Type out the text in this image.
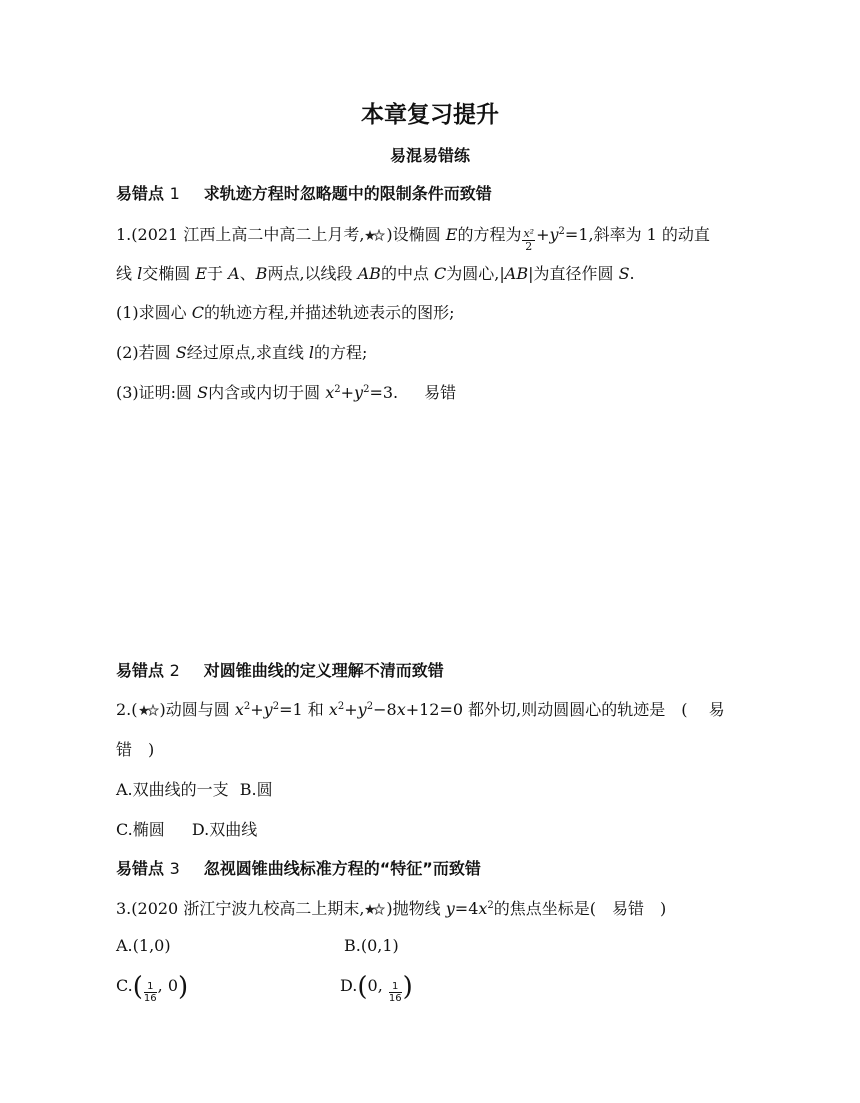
本章复习提升
易混易错练
易错点 1 求轨迹方程时忽略题中的限制条件而致错
1.(2021 江西上高二中高二上月考, )设椭圆 E的方程为 $\frac{\text{x²}}{2} +y^2=1$,斜率为 1 的动直
线 l交椭圆 E于 A、B两点,以线段 AB的中点 C为圆心,|AB|为直径作圆 S.
(1)求圆心 C的轨迹方程,并描述轨迹表示的图形;
(2)若圆 S经过原点,求直线 l的方程;
(3)证明:圆 S内含或内切于圆 $x^2+y^2=3$. 易错
易错点 2 对圆锥曲线的定义理解不清而致错
2.( )动圆与圆 $x^2+y^2=1$ 和 $x^2+y^2-8x+12=0$ 都外切,则动圆圆心的轨迹是　(　 易
错　)
A.双曲线的一支 B.圆
C.椭圆 D.双曲线
易错点 3 忽视圆锥曲线标准方程的“特征”而致错
3.(2020 浙江宁波九校高二上期末, )抛物线 $y=4x^2$的焦点坐标是(　易错　)
A.(1,0)	B.(0,1)
$C.( \frac{1}{16}$ , 0)	D.(0, $\frac{1}{16}$ )
